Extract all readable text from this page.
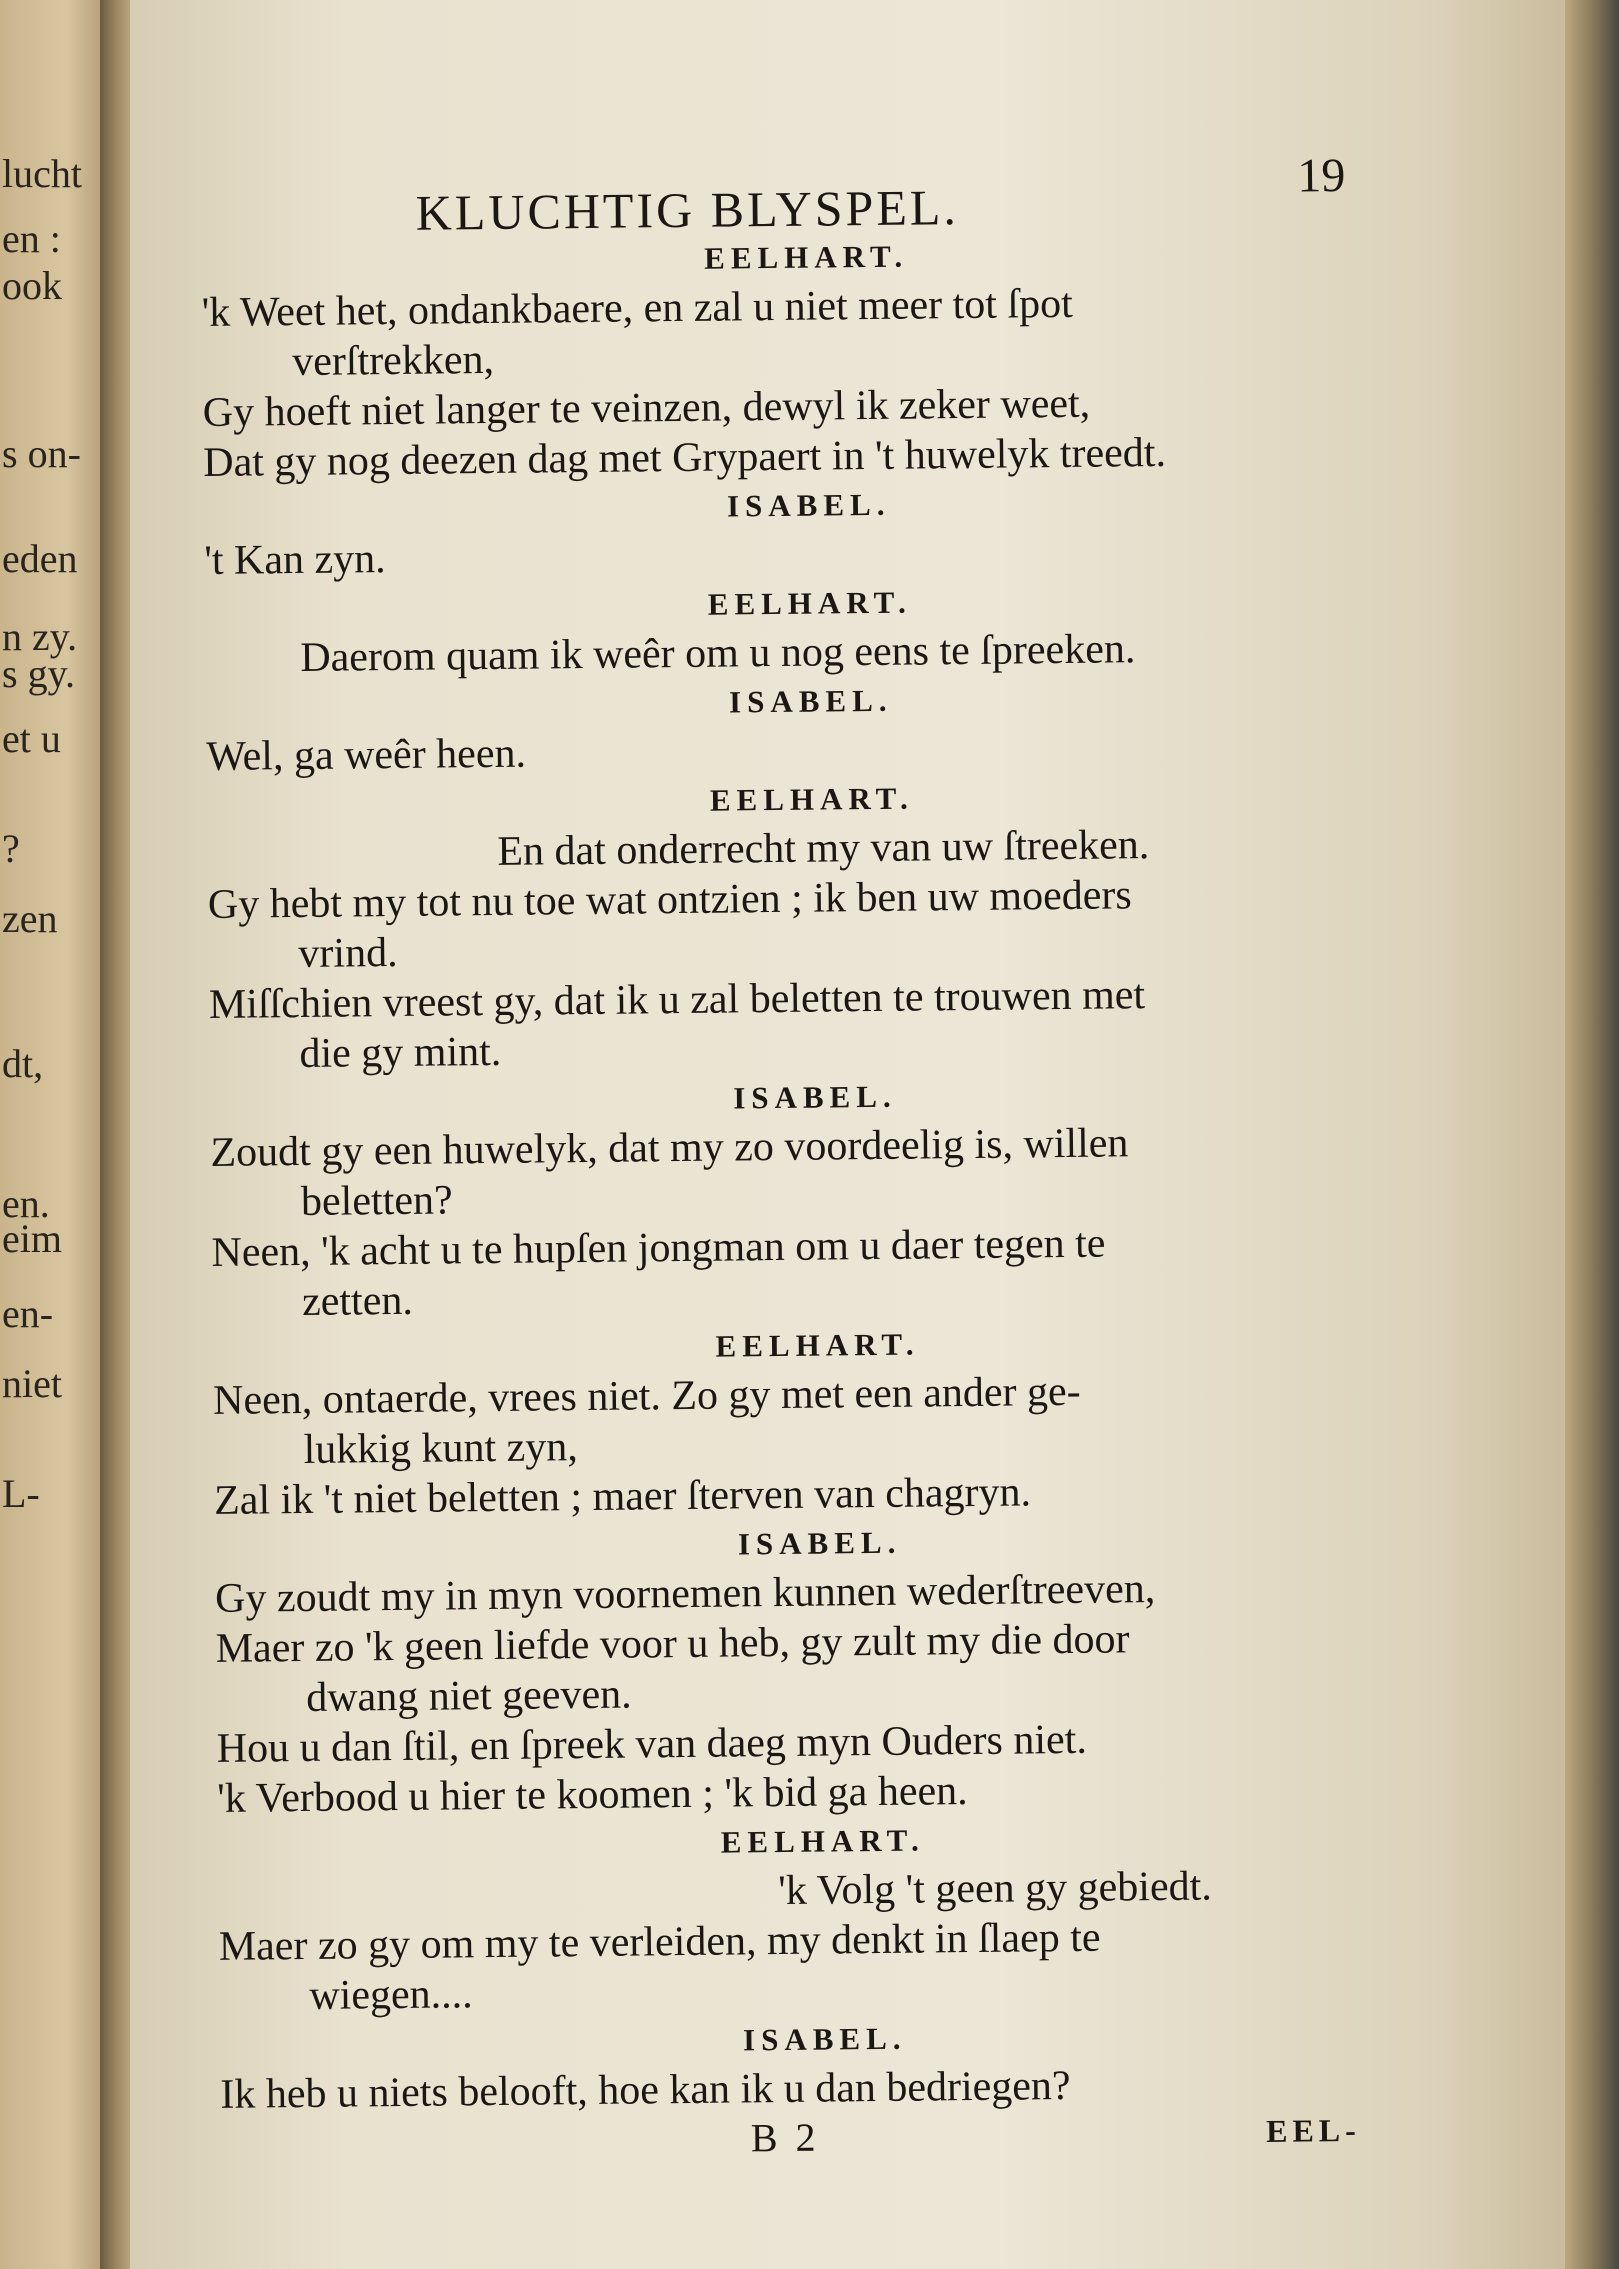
lucht
en :
ook
s on-
eden
n zy.
s gy.
et u
?
zen
dt,
en.
eim
en-
niet
L-
KLUCHTIG BLYSPEL.
19
EELHART.
'k Weet het, ondankbaere, en zal u niet meer tot ſpot
verſtrekken,
Gy hoeft niet langer te veinzen, dewyl ik zeker weet,
Dat gy nog deezen dag met Grypaert in 't huwelyk treedt.
ISABEL.
't Kan zyn.
EELHART.
Daerom quam ik weêr om u nog eens te ſpreeken.
ISABEL.
Wel, ga weêr heen.
EELHART.
En dat onderrecht my van uw ſtreeken.
Gy hebt my tot nu toe wat ontzien ; ik ben uw moeders
vrind.
Miſſchien vreest gy, dat ik u zal beletten te trouwen met
die gy mint.
ISABEL.
Zoudt gy een huwelyk, dat my zo voordeelig is, willen
beletten?
Neen, 'k acht u te hupſen jongman om u daer tegen te
zetten.
EELHART.
Neen, ontaerde, vrees niet. Zo gy met een ander ge-
lukkig kunt zyn,
Zal ik 't niet beletten ; maer ſterven van chagryn.
ISABEL.
Gy zoudt my in myn voornemen kunnen wederſtreeven,
Maer zo 'k geen liefde voor u heb, gy zult my die door
dwang niet geeven.
Hou u dan ſtil, en ſpreek van daeg myn Ouders niet.
'k Verbood u hier te koomen ; 'k bid ga heen.
EELHART.
'k Volg 't geen gy gebiedt.
Maer zo gy om my te verleiden, my denkt in ſlaep te
wiegen....
ISABEL.
Ik heb u niets belooft, hoe kan ik u dan bedriegen?
B 2	EEL-
